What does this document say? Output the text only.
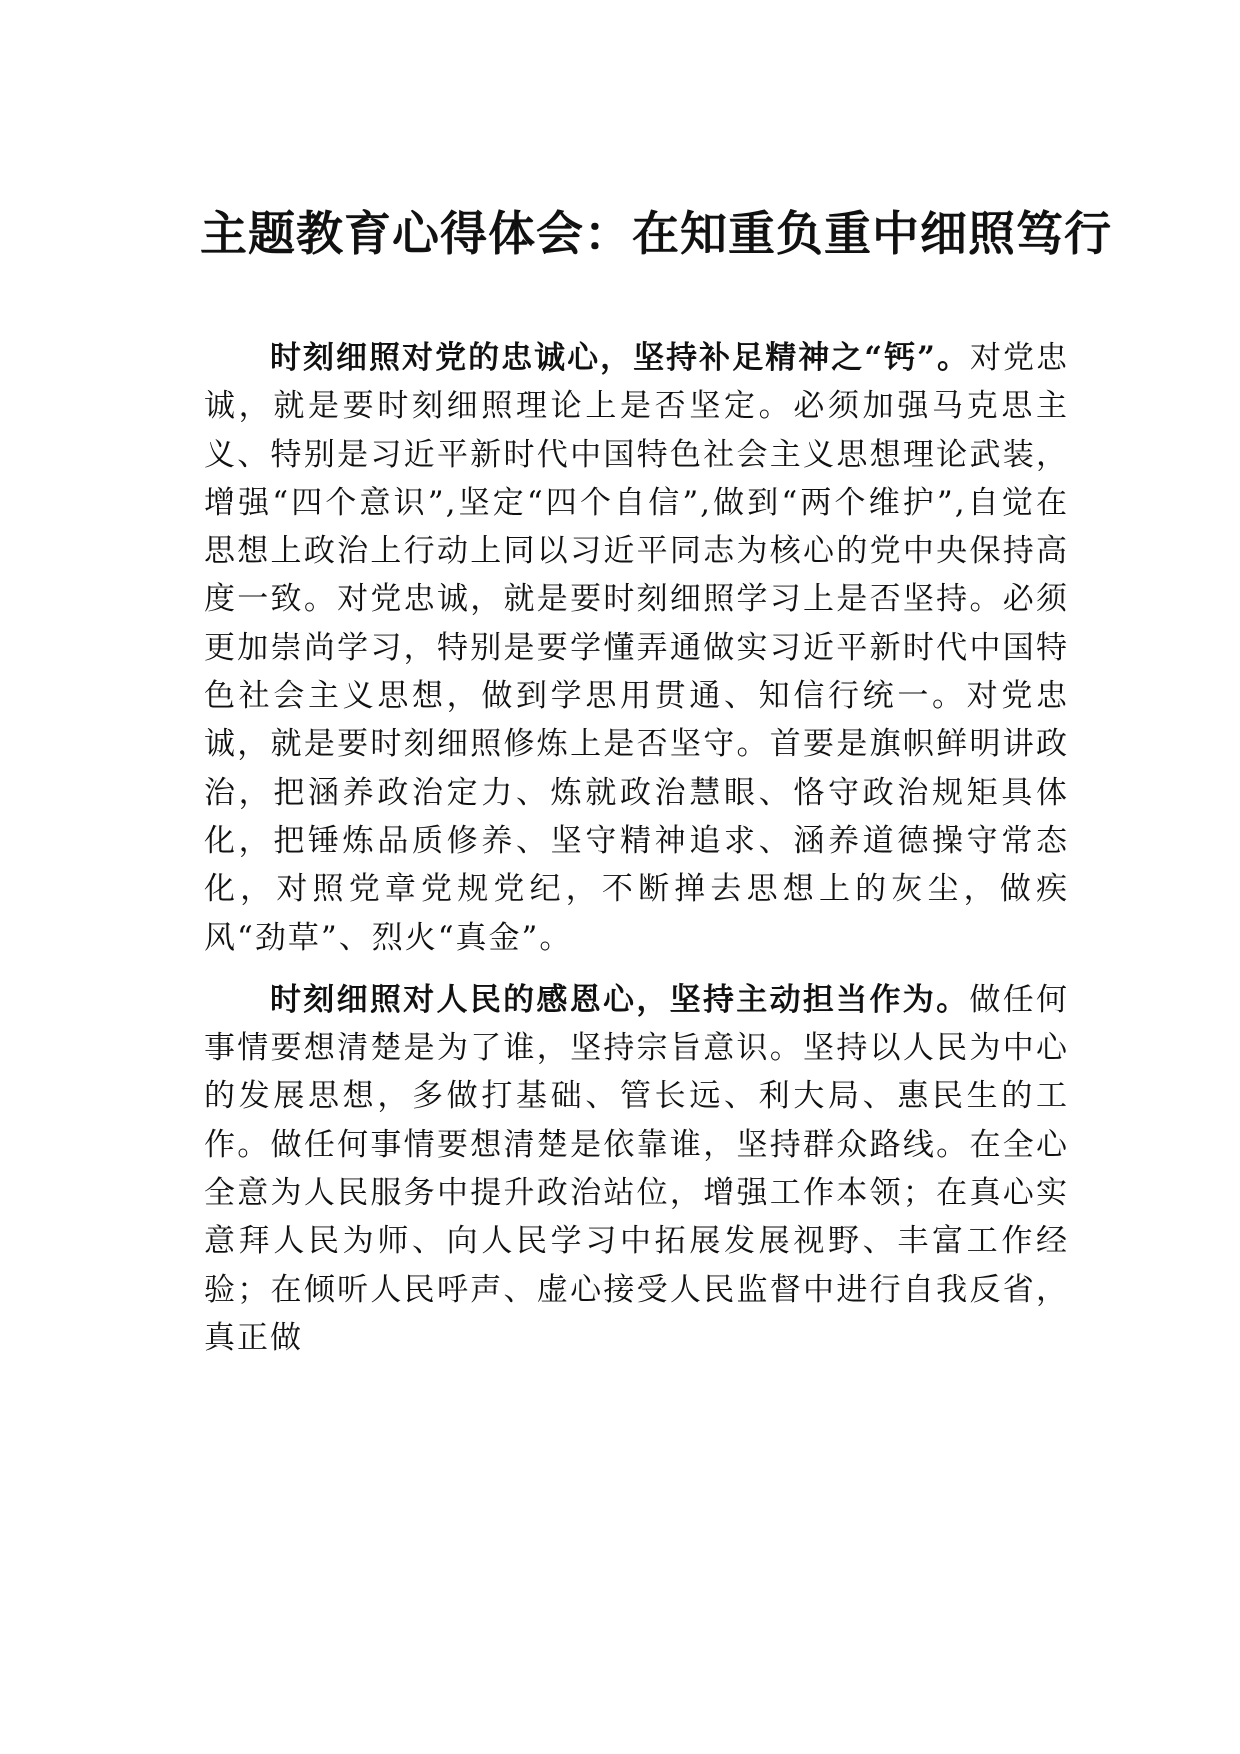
主题教育心得体会：在知重负重中细照笃行

时刻细照对党的忠诚心，坚持补足精神之“钙”。对党忠诚，就是要时刻细照理论上是否坚定。必须加强马克思主义、特别是习近平新时代中国特色社会主义思想理论武装，增强“四个意识”,坚定“四个自信”,做到“两个维护”,自觉在思想上政治上行动上同以习近平同志为核心的党中央保持高度一致。对党忠诚，就是要时刻细照学习上是否坚持。必须更加崇尚学习，特别是要学懂弄通做实习近平新时代中国特色社会主义思想，做到学思用贯通、知信行统一。对党忠诚，就是要时刻细照修炼上是否坚守。首要是旗帜鲜明讲政治，把涵养政治定力、炼就政治慧眼、恪守政治规矩具体化，把锤炼品质修养、坚守精神追求、涵养道德操守常态化，对照党章党规党纪，不断掸去思想上的灰尘，做疾风“劲草”、烈火“真金”。

时刻细照对人民的感恩心，坚持主动担当作为。做任何事情要想清楚是为了谁，坚持宗旨意识。坚持以人民为中心的发展思想，多做打基础、管长远、利大局、惠民生的工作。做任何事情要想清楚是依靠谁，坚持群众路线。在全心全意为人民服务中提升政治站位，增强工作本领；在真心实意拜人民为师、向人民学习中拓展发展视野、丰富工作经验；在倾听人民呼声、虚心接受人民监督中进行自我反省，真正做
